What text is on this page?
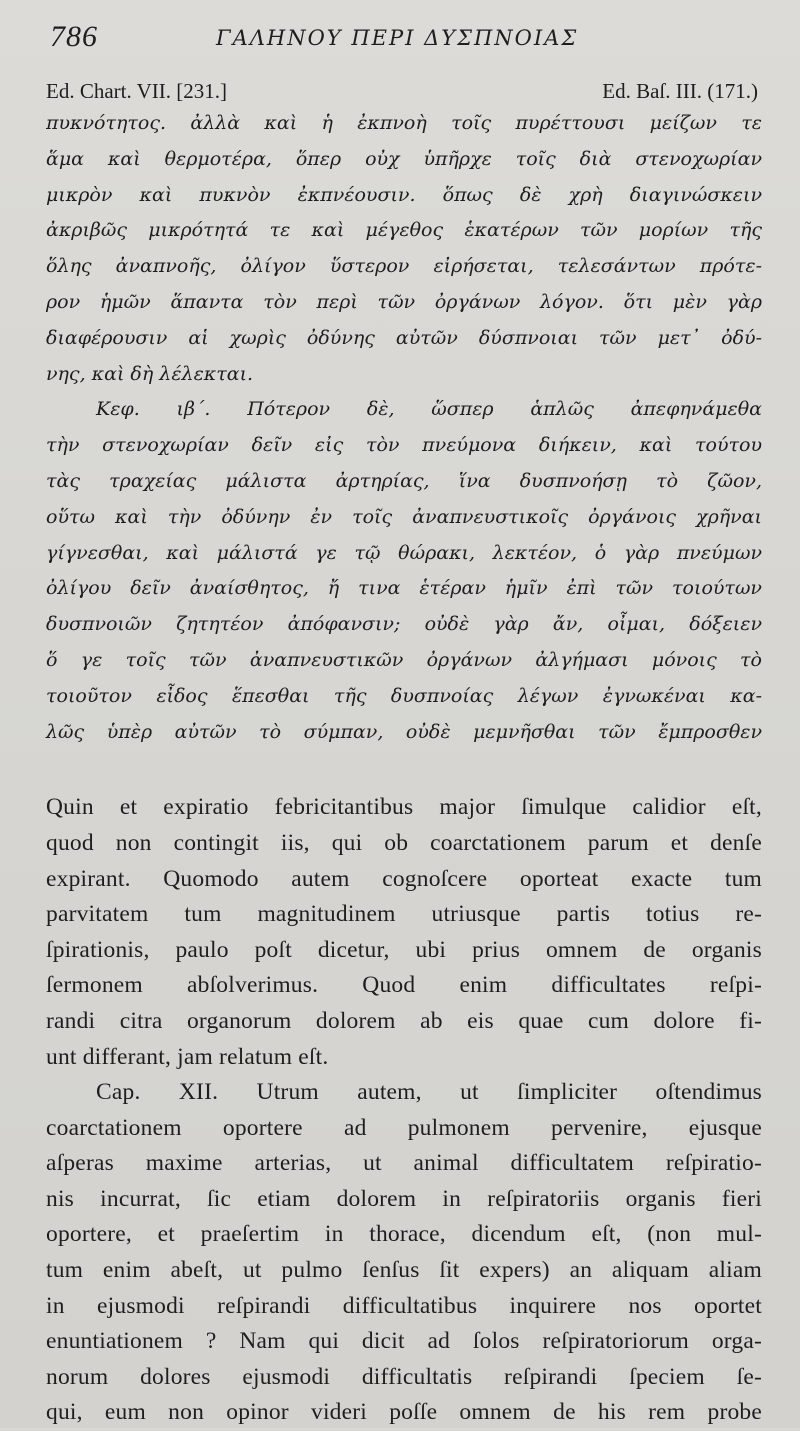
786	ΓΑΛΗΝΟΥ ΠΕΡΙ ΔΥΣΠΝΟΙΑΣ
Ed. Chart. VII. [231.]	Ed. Baſ. III. (171.)
πυκνότητος. ἀλλὰ καὶ ἡ ἐκπνοὴ τοῖς πυρέττουσι μείζων τε
ἅμα καὶ θερμοτέρα, ὅπερ οὐχ ὑπῆρχε τοῖς διὰ στενοχωρίαν
μικρὸν καὶ πυκνὸν ἐκπνέουσιν. ὅπως δὲ χρὴ διαγινώσκειν
ἀκριβῶς μικρότητά τε καὶ μέγεθος ἑκατέρων τῶν μορίων τῆς
ὅλης ἀναπνοῆς, ὀλίγον ὕστερον εἰρήσεται, τελεσάντων πρότε-
ρον ἡμῶν ἅπαντα τὸν περὶ τῶν ὀργάνων λόγον. ὅτι μὲν γὰρ
διαφέρουσιν αἱ χωρὶς ὀδύνης αὐτῶν δύσπνοιαι τῶν μετ᾽ ὀδύ-
νης, καὶ δὴ λέλεκται.
Κεφ. ιβ΄. Πότερον δὲ, ὥσπερ ἁπλῶς ἀπεφηνάμεθα
τὴν στενοχωρίαν δεῖν εἰς τὸν πνεύμονα διήκειν, καὶ τούτου
τὰς τραχείας μάλιστα ἀρτηρίας, ἵνα δυσπνοήσῃ τὸ ζῶον,
οὕτω καὶ τὴν ὀδύνην ἐν τοῖς ἀναπνευστικοῖς ὀργάνοις χρῆναι
γίγνεσθαι, καὶ μάλιστά γε τῷ θώρακι, λεκτέον, ὁ γὰρ πνεύμων
ὀλίγου δεῖν ἀναίσθητος, ἤ τινα ἑτέραν ἡμῖν ἐπὶ τῶν τοιούτων
δυσπνοιῶν ζητητέον ἀπόφανσιν; οὐδὲ γὰρ ἄν, οἶμαι, δόξειεν
ὅ γε τοῖς τῶν ἀναπνευστικῶν ὀργάνων ἀλγήμασι μόνοις τὸ
τοιοῦτον εἶδος ἕπεσθαι τῆς δυσπνοίας λέγων ἐγνωκέναι κα-
λῶς ὑπὲρ αὐτῶν τὸ σύμπαν, οὐδὲ μεμνῆσθαι τῶν ἔμπροσθεν
Quin et expiratio febricitantibus major ſimulque calidior eſt,
quod non contingit iis, qui ob coarctationem parum et denſe
expirant. Quomodo autem cognoſcere oporteat exacte tum
parvitatem tum magnitudinem utriusque partis totius re-
ſpirationis, paulo poſt dicetur, ubi prius omnem de organis
ſermonem abſolverimus. Quod enim difficultates reſpi-
randi citra organorum dolorem ab eis quae cum dolore fi-
unt differant, jam relatum eſt.
Cap. XII. Utrum autem, ut ſimpliciter oſtendimus
coarctationem oportere ad pulmonem pervenire, ejusque
aſperas maxime arterias, ut animal difficultatem reſpiratio-
nis incurrat, ſic etiam dolorem in reſpiratoriis organis fieri
oportere, et praeſertim in thorace, dicendum eſt, (non mul-
tum enim abeſt, ut pulmo ſenſus ſit expers) an aliquam aliam
in ejusmodi reſpirandi difficultatibus inquirere nos oportet
enuntiationem ? Nam qui dicit ad ſolos reſpiratoriorum orga-
norum dolores ejusmodi difficultatis reſpirandi ſpeciem ſe-
qui, eum non opinor videri poſſe omnem de his rem probe
